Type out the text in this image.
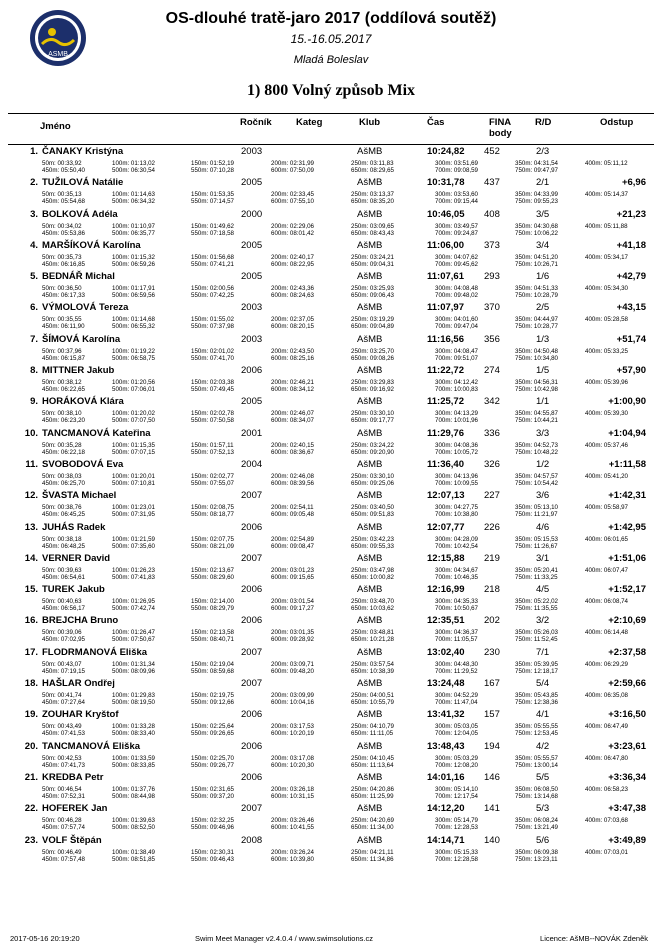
ASMB
OS-dlouhé tratě-jaro 2017 (oddílová soutěž)
15.-16.05.2017
Mladá Boleslav
1) 800 Volný způsob Mix
Jméno	Ročník	Kateg	Klub	Čas	FINA body
R/D	Odstup
1. ČANAKY Kristýna	2003	AšMB	10:24,82 452	2/3
50m: 00:33,92	100m: 01:13,02	150m: 01:52,19	200m: 02:31,99	250m: 03:11,83	300m: 03:51,69	350m: 04:31,54	400m: 05:11,12
450m: 05:50,40	500m: 06:30,54	550m: 07:10,28	600m: 07:50,09	650m: 08:29,65	700m: 09:08,59	750m: 09:47,97
2. TUŽILOVÁ Natálie	2005	AšMB	10:31,78 437	2/1	+6,96
50m: 00:35,13	100m: 01:14,63	150m: 01:53,35	200m: 02:33,45	250m: 03:13,37	300m: 03:53,60	350m: 04:33,99	400m: 05:14,37
450m: 05:54,68	500m: 06:34,32	550m: 07:14,57	600m: 07:55,10	650m: 08:35,20	700m: 09:15,44	750m: 09:55,23
3. BOLKOVÁ Adéla	2000	AšMB	10:46,05 408	3/5	+21,23
50m: 00:34,02	100m: 01:10,97	150m: 01:49,62	200m: 02:29,06	250m: 03:09,65	300m: 03:49,57	350m: 04:30,68	400m: 05:11,88
450m: 05:53,86	500m: 06:35,77	550m: 07:18,58	600m: 08:01,42	650m: 08:43,43	700m: 09:24,87	750m: 10:06,22
4. MARŠÍKOVÁ Karolína	2005	AšMB	11:06,00 373	3/4	+41,18
50m: 00:35,73	100m: 01:15,32	150m: 01:56,68	200m: 02:40,17	250m: 03:24,21	300m: 04:07,62	350m: 04:51,20	400m: 05:34,17
450m: 06:16,85	500m: 06:59,26	550m: 07:41,21	600m: 08:22,95	650m: 09:04,31	700m: 09:45,62	750m: 10:26,71
5. BEDNÁŘ Michal	2005	AšMB	11:07,61 293	1/6	+42,79
50m: 00:36,50	100m: 01:17,91	150m: 02:00,56	200m: 02:43,36	250m: 03:25,93	300m: 04:08,48	350m: 04:51,33	400m: 05:34,30
450m: 06:17,33	500m: 06:59,56	550m: 07:42,25	600m: 08:24,63	650m: 09:06,43	700m: 09:48,02	750m: 10:28,79
6. VÝMOLOVÁ Tereza	2003	AšMB	11:07,97 370	2/5	+43,15
50m: 00:35,55	100m: 01:14,68	150m: 01:55,02	200m: 02:37,05	250m: 03:19,29	300m: 04:01,60	350m: 04:44,97	400m: 05:28,58
450m: 06:11,90	500m: 06:55,32	550m: 07:37,98	600m: 08:20,15	650m: 09:04,89	700m: 09:47,04	750m: 10:28,77
7. ŠÍMOVÁ Karolína	2003	AšMB	11:16,56 356	1/3	+51,74
50m: 00:37,96	100m: 01:19,22	150m: 02:01,02	200m: 02:43,50	250m: 03:25,70	300m: 04:08,47	350m: 04:50,48	400m: 05:33,25
450m: 06:15,87	500m: 06:58,75	550m: 07:41,70	600m: 08:25,16	650m: 09:08,26	700m: 09:51,07	750m: 10:34,80
8. MITTNER Jakub	2006	AšMB	11:22,72 274	1/5	+57,90
50m: 00:38,12	100m: 01:20,56	150m: 02:03,38	200m: 02:46,21	250m: 03:29,83	300m: 04:12,42	350m: 04:56,31	400m: 05:39,96
450m: 06:22,65	500m: 07:06,01	550m: 07:49,45	600m: 08:34,12	650m: 09:16,92	700m: 10:00,83	750m: 10:42,98
9. HORÁKOVÁ Klára	2005	AšMB	11:25,72 342	1/1	+1:00,90
50m: 00:38,10	100m: 01:20,02	150m: 02:02,78	200m: 02:46,07	250m: 03:30,10	300m: 04:13,29	350m: 04:55,87	400m: 05:39,30
450m: 06:23,20	500m: 07:07,50	550m: 07:50,58	600m: 08:34,07	650m: 09:17,77	700m: 10:01,96	750m: 10:44,21
10. TANCMANOVÁ Kateřina	2001	AšMB	11:29,76 336	3/3	+1:04,94
50m: 00:35,28	100m: 01:15,35	150m: 01:57,11	200m: 02:40,15	250m: 03:24,22	300m: 04:08,36	350m: 04:52,73	400m: 05:37,46
450m: 06:22,18	500m: 07:07,15	550m: 07:52,13	600m: 08:36,67	650m: 09:20,90	700m: 10:05,72	750m: 10:48,22
11. SVOBODOVÁ Eva	2004	AšMB	11:36,40 326	1/2	+1:11,58
50m: 00:38,03	100m: 01:20,01	150m: 02:02,77	200m: 02:46,08	250m: 03:30,10	300m: 04:13,96	350m: 04:57,57	400m: 05:41,20
450m: 06:25,70	500m: 07:10,81	550m: 07:55,07	600m: 08:39,56	650m: 09:25,06	700m: 10:09,55	750m: 10:54,42
12. ŠVASTA Michael	2007	AšMB	12:07,13 227	3/6	+1:42,31
50m: 00:38,76	100m: 01:23,01	150m: 02:08,75	200m: 02:54,11	250m: 03:40,50	300m: 04:27,75	350m: 05:13,10	400m: 05:58,97
450m: 06:45,25	500m: 07:31,95	550m: 08:18,77	600m: 09:05,48	650m: 09:51,83	700m: 10:38,80	750m: 11:21,97
13. JUHÁS Radek	2006	AšMB	12:07,77 226	4/6	+1:42,95
50m: 00:38,18	100m: 01:21,59	150m: 02:07,75	200m: 02:54,89	250m: 03:42,23	300m: 04:28,09	350m: 05:15,53	400m: 06:01,65
450m: 06:48,25	500m: 07:35,60	550m: 08:21,09	600m: 09:08,47	650m: 09:55,33	700m: 10:42,54	750m: 11:26,67
14. VERNER David	2007	AšMB	12:15,88 219	3/1	+1:51,06
50m: 00:39,63	100m: 01:26,23	150m: 02:13,67	200m: 03:01,23	250m: 03:47,98	300m: 04:34,67	350m: 05:20,41	400m: 06:07,47
450m: 06:54,61	500m: 07:41,83	550m: 08:29,60	600m: 09:15,65	650m: 10:00,82	700m: 10:46,35	750m: 11:33,25
15. TUREK Jakub	2006	AšMB	12:16,99 218	4/5	+1:52,17
50m: 00:40,63	100m: 01:26,95	150m: 02:14,00	200m: 03:01,54	250m: 03:48,70	300m: 04:35,33	350m: 05:22,02	400m: 06:08,74
450m: 06:56,17	500m: 07:42,74	550m: 08:29,79	600m: 09:17,27	650m: 10:03,62	700m: 10:50,67	750m: 11:35,55
16. BREJCHA Bruno	2006	AšMB	12:35,51 202	3/2	+2:10,69
50m: 00:39,06	100m: 01:26,47	150m: 02:13,58	200m: 03:01,35	250m: 03:48,81	300m: 04:36,37	350m: 05:26,03	400m: 06:14,48
450m: 07:02,95	500m: 07:50,67	550m: 08:40,71	600m: 09:28,92	650m: 10:21,28	700m: 11:05,57	750m: 11:52,45
17. FLODRMANOVÁ Eliška	2007	AšMB	13:02,40 230	7/1	+2:37,58
50m: 00:43,07	100m: 01:31,34	150m: 02:19,04	200m: 03:09,71	250m: 03:57,54	300m: 04:48,30	350m: 05:39,95	400m: 06:29,29
450m: 07:19,15	500m: 08:09,96	550m: 08:59,68	600m: 09:48,20	650m: 10:38,39	700m: 11:29,52	750m: 12:18,17
18. HAŠLAR Ondřej	2007	AšMB	13:24,48 167	5/4	+2:59,66
50m: 00:41,74	100m: 01:29,83	150m: 02:19,75	200m: 03:09,99	250m: 04:00,51	300m: 04:52,29	350m: 05:43,85	400m: 06:35,08
450m: 07:27,64	500m: 08:19,50	550m: 09:12,66	600m: 10:04,16	650m: 10:55,79	700m: 11:47,04	750m: 12:38,36
19. ZOUHAR Kryštof	2006	AšMB	13:41,32 157	4/1	+3:16,50
50m: 00:43,49	100m: 01:33,28	150m: 02:25,64	200m: 03:17,53	250m: 04:10,79	300m: 05:03,05	350m: 05:55,55	400m: 06:47,49
450m: 07:41,53	500m: 08:33,40	550m: 09:26,65	600m: 10:20,19	650m: 11:11,05	700m: 12:04,05	750m: 12:53,45
20. TANCMANOVÁ Eliška	2006	AšMB	13:48,43 194	4/2	+3:23,61
50m: 00:42,53	100m: 01:33,59	150m: 02:25,70	200m: 03:17,08	250m: 04:10,45	300m: 05:03,29	350m: 05:55,57	400m: 06:47,80
450m: 07:41,73	500m: 08:33,85	550m: 09:26,77	600m: 10:20,30	650m: 11:13,64	700m: 12:08,20	750m: 13:00,14
21. KREDBA Petr	2006	AšMB	14:01,16 146	5/5	+3:36,34
50m: 00:46,54	100m: 01:37,76	150m: 02:31,65	200m: 03:26,18	250m: 04:20,86	300m: 05:14,10	350m: 06:08,50	400m: 06:58,23
450m: 07:52,31	500m: 08:44,98	550m: 09:37,20	600m: 10:31,15	650m: 11:25,99	700m: 12:17,54	750m: 13:14,68
22. HOFEREK Jan	2007	AšMB	14:12,20 141	5/3	+3:47,38
50m: 00:46,28	100m: 01:39,63	150m: 02:32,25	200m: 03:26,46	250m: 04:20,69	300m: 05:14,79	350m: 06:08,24	400m: 07:03,68
450m: 07:57,74	500m: 08:52,50	550m: 09:46,96	600m: 10:41,55	650m: 11:34,00	700m: 12:28,53	750m: 13:21,49
23. VOLF Štěpán	2008	AšMB	14:14,71 140	5/6	+3:49,89
50m: 00:46,49	100m: 01:38,49	150m: 02:30,31	200m: 03:26,24	250m: 04:21,11	300m: 05:15,33	350m: 06:09,38	400m: 07:03,01
450m: 07:57,48	500m: 08:51,85	550m: 09:46,43	600m: 10:39,80	650m: 11:34,86	700m: 12:28,58	750m: 13:23,11
2017-05-16 20:19:20	Swim Meet Manager v2.4.0.4 / www.swimsolutions.cz	Licence: AšMB--NOVÁK Zdeněk
